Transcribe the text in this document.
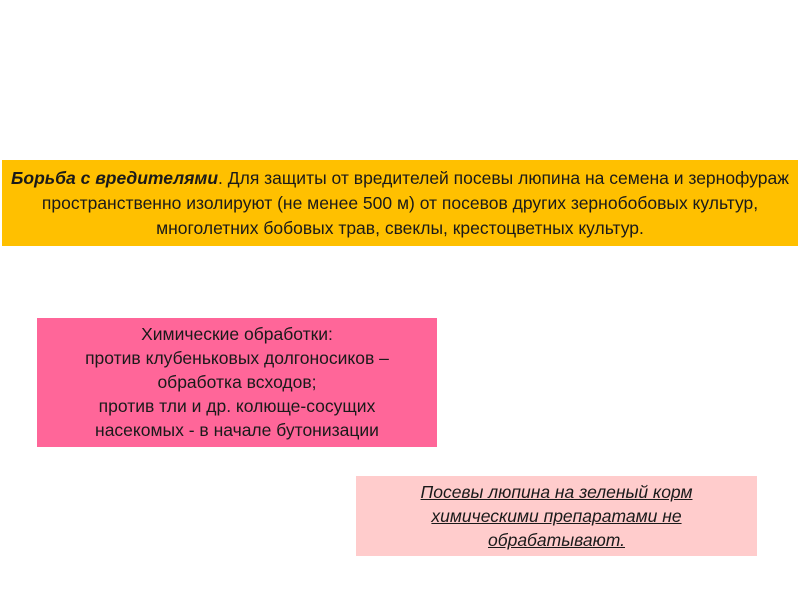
Борьба с вредителями. Для защиты от вредителей посевы люпина на семена и зернофураж пространственно изолируют (не менее 500 м) от посевов других зернобобовых культур, многолетних бобовых трав, свеклы, крестоцветных культур.
Химические обработки:
против клубеньковых долгоносиков –
обработка всходов;
против тли и др. колюще-сосущих
насекомых - в начале бутонизации
Посевы люпина на зеленый корм химическими препаратами не обрабатывают.
